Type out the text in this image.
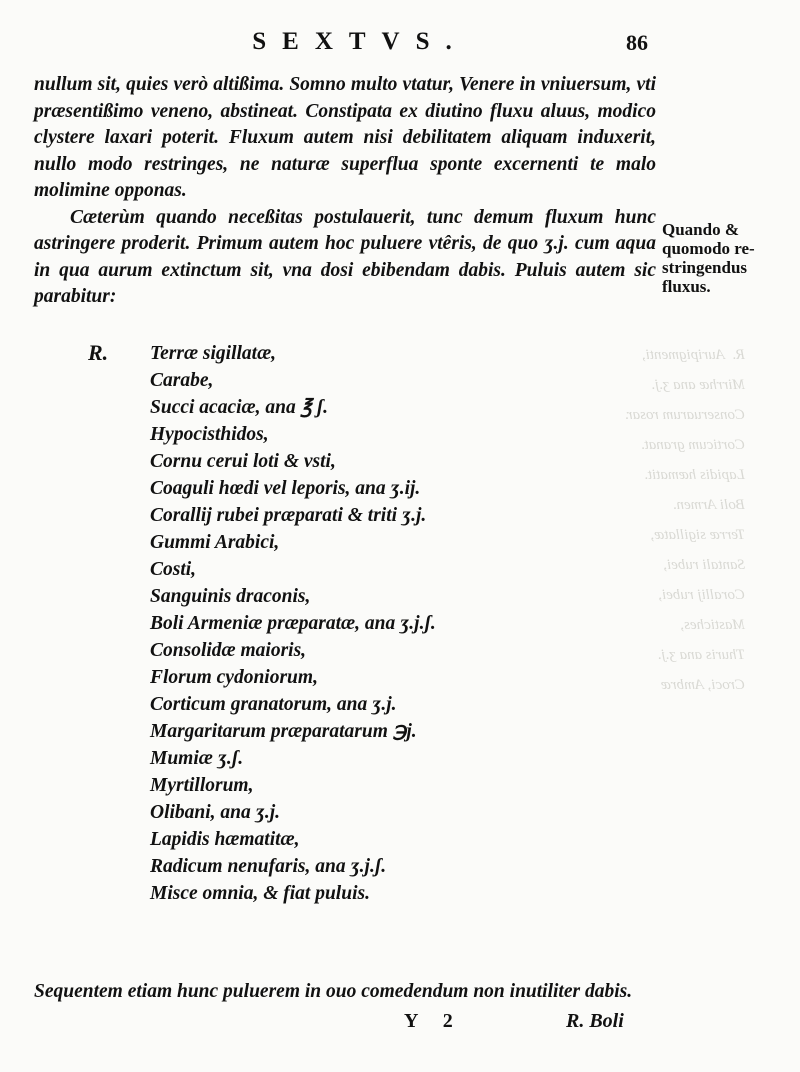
R.  Auripigmenti,
Mirrhæ ana ʒ.j.
Conseruarum rosar.
Corticum granat.
Lapidis hæmatit.
Boli Armen.
Terræ sigillatæ,
Santali rubei,
Corallij rubei,
Mastiches,
Thuris ana ʒ.j.
Croci, Ambræ
SEXTVS.	86

nullum sit, quies verò altißima. Somno multo vtatur, Venere in vniuersum, vti præsentißimo veneno, abstineat. Constipata ex diutino fluxu aluus, modico clystere laxari poterit. Fluxum autem nisi debilitatem aliquam induxerit, nullo modo restringes, ne naturæ superflua sponte excernenti te malo molimine opponas.

Cæterùm quando neceßitas postulauerit, tunc demum fluxum hunc astringere proderit. Primum autem hoc puluere vtêris, de quo ʒ.j. cum aqua in qua aurum extinctum sit, vna dosi ebibendam dabis. Puluis autem sic parabitur:

Quando &
quomodo re-
stringendus
fluxus.
R. Terræ sigillatæ,
Carabe,
Succi acaciæ, ana ℥ ʃ.
Hypocisthidos,
Cornu cerui loti & vsti,
Coaguli hœdi vel leporis, ana ʒ.ij.
Corallij rubei præparati & triti ʒ.j.
Gummi Arabici,
Costi,
Sanguinis draconis,
Boli Armeniæ præparatæ, ana ʒ.j.ʃ.
Consolidæ maioris,
Florum cydoniorum,
Corticum granatorum, ana ʒ.j.
Margaritarum præparatarum ℈j.
Mumiæ ʒ.ʃ.
Myrtillorum,
Olibani, ana ʒ.j.
Lapidis hæmatitæ,
Radicum nenufaris, ana ʒ.j.ʃ.
Misce omnia, & fiat puluis.

Sequentem etiam hunc puluerem in ouo comedendum non inutiliter dabis.

Y 2	R. Boli
